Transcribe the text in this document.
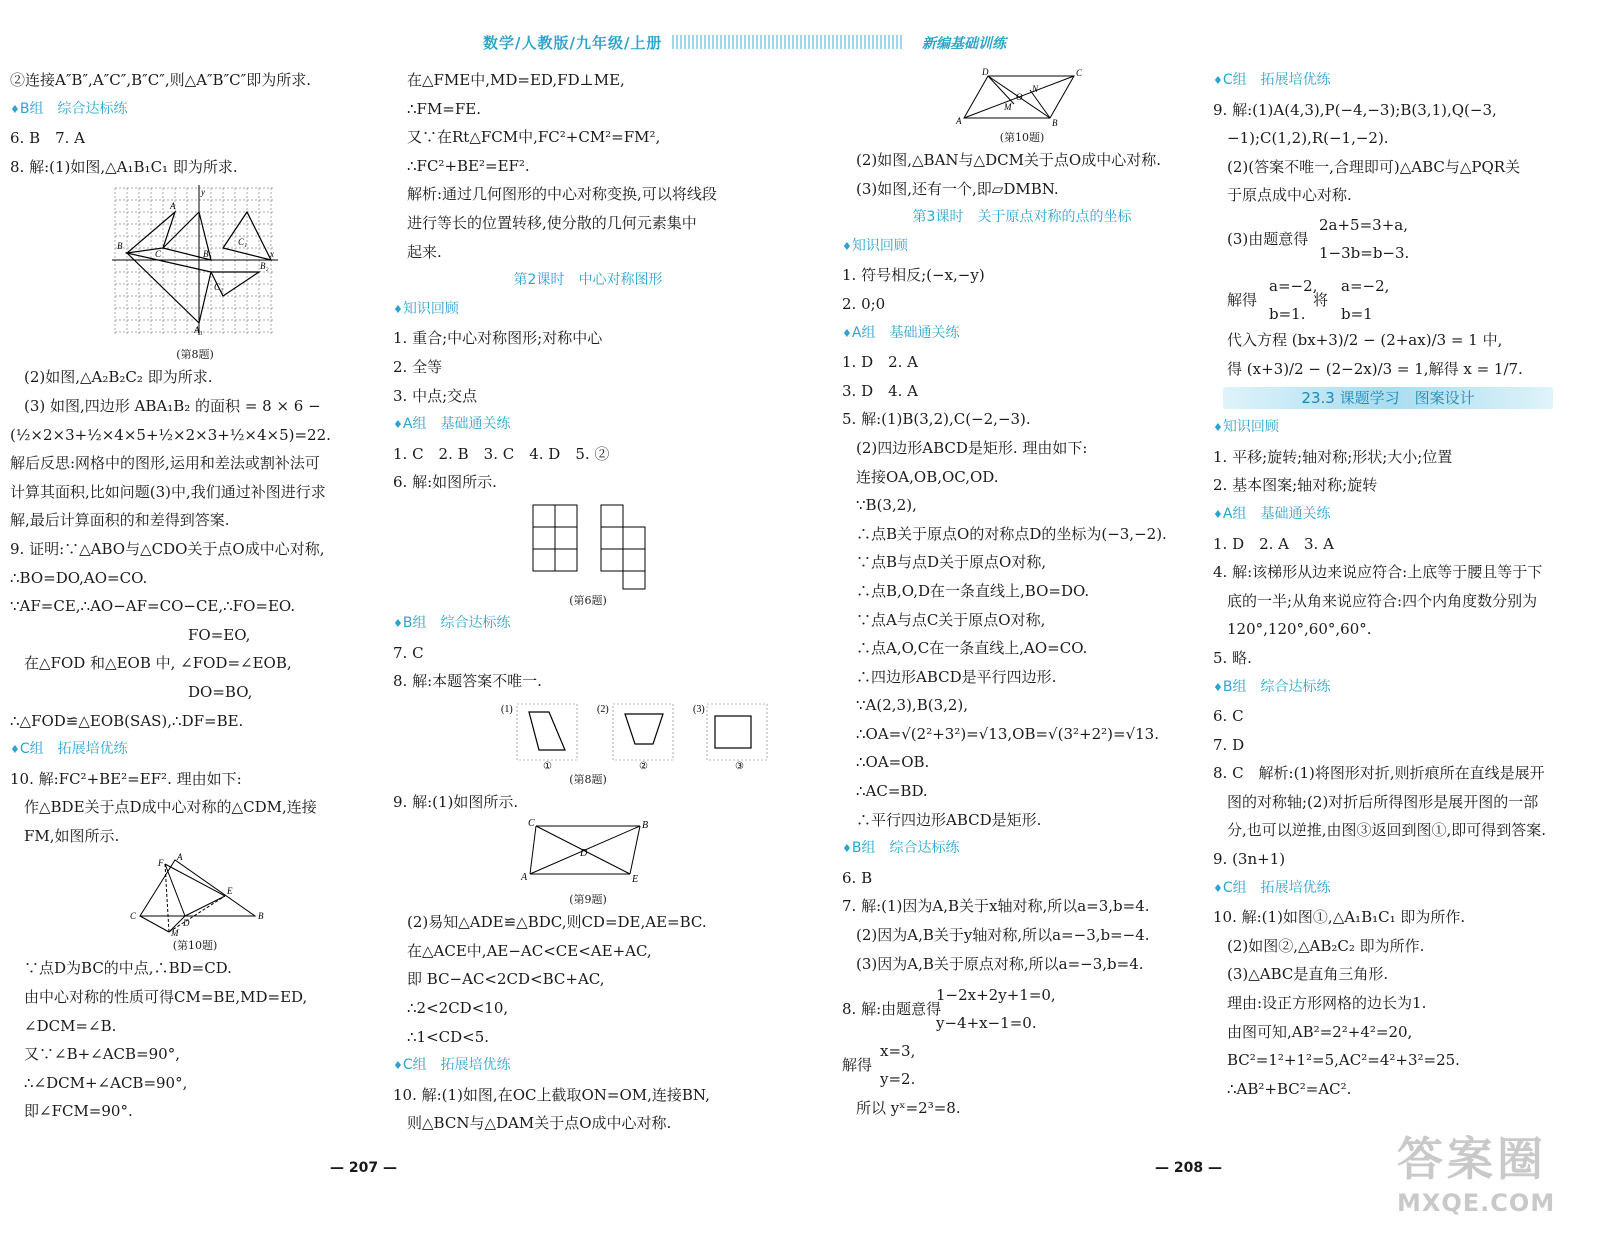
数学/人教版/九年级/上册	新编基础训练
②连接A″B″,A″C″,B″C″,则△A″B″C″即为所求.
♦ B组　综合达标练
6. B　7. A
8. 解:(1)如图,△A₁B₁C₁ 即为所求.
B
A
C	B₁
B₂
C₁
C₂
A₁
y
x
(第8题)
(2)如图,△A₂B₂C₂ 即为所求.
(3) 如图,四边形 ABA₁B₂ 的面积 = 8 × 6 −
(½×2×3+½×4×5+½×2×3+½×4×5)=22.
解后反思:网格中的图形,运用和差法或割补法可
计算其面积,比如问题(3)中,我们通过补图进行求
解,最后计算面积的和差得到答案.
9. 证明:∵△ABO与△CDO关于点O成中心对称,
∴BO=DO,AO=CO.
∵AF=CE,∴AO−AF=CO−CE,∴FO=EO.
FO=EO,
在△FOD 和△EOB 中, ∠FOD=∠EOB,
DO=BO,
∴△FOD≌△EOB(SAS),∴DF=BE.
♦ C组　拓展培优练
10. 解:FC²+BE²=EF². 理由如下:
作△BDE关于点D成中心对称的△CDM,连接
FM,如图所示.
A
F
E
B
C
D
M
(第10题)
∵点D为BC的中点,∴BD=CD.
由中心对称的性质可得CM=BE,MD=ED,
∠DCM=∠B.
又∵∠B+∠ACB=90°,
∴∠DCM+∠ACB=90°,
即∠FCM=90°.
在△FME中,MD=ED,FD⊥ME,
∴FM=FE.
又∵在Rt△FCM中,FC²+CM²=FM²,
∴FC²+BE²=EF².
解析:通过几何图形的中心对称变换,可以将线段
进行等长的位置转移,使分散的几何元素集中
起来.
第2课时　中心对称图形
♦ 知识回顾
1. 重合;中心对称图形;对称中心
2. 全等
3. 中点;交点
♦ A组　基础通关练
1. C　2. B　3. C　4. D　5. ②
6. 解:如图所示.
(第6题)
♦ B组　综合达标练
7. C
8. 解:本题答案不唯一.
(1)	(2)	(3)
①	②	③
(第8题)
9. 解:(1)如图所示.
C	B
A	E
D
(第9题)
(2)易知△ADE≌△BDC,则CD=DE,AE=BC.
在△ACE中,AE−AC<CE<AE+AC,
即 BC−AC<2CD<BC+AC,
∴2<2CD<10,
∴1<CD<5.
♦ C组　拓展培优练
10. 解:(1)如图,在OC上截取ON=OM,连接BN,
则△BCN与△DAM关于点O成中心对称.
D	C
A	B
O
M
N
(第10题)
(2)如图,△BAN与△DCM关于点O成中心对称.
(3)如图,还有一个,即▱DMBN.
第3课时　关于原点对称的点的坐标
♦ 知识回顾
1. 符号相反;(−x,−y)
2. 0;0
♦ A组　基础通关练
1. D　2. A
3. D　4. A
5. 解:(1)B(3,2),C(−2,−3).
(2)四边形ABCD是矩形. 理由如下:
连接OA,OB,OC,OD.
∵B(3,2),
∴点B关于原点O的对称点D的坐标为(−3,−2).
∵点B与点D关于原点O对称,
∴点B,O,D在一条直线上,BO=DO.
∵点A与点C关于原点O对称,
∴点A,O,C在一条直线上,AO=CO.
∴四边形ABCD是平行四边形.
∵A(2,3),B(3,2),
∴OA=√(2²+3²)=√13,OB=√(3²+2²)=√13.
∴OA=OB.
∴AC=BD.
∴平行四边形ABCD是矩形.
♦ B组　综合达标练
6. B
7. 解:(1)因为A,B关于x轴对称,所以a=3,b=4.
(2)因为A,B关于y轴对称,所以a=−3,b=−4.
(3)因为A,B关于原点对称,所以a=−3,b=4.
1−2x+2y+1=0,
8. 解:由题意得
y−4+x−1=0.
x=3,
解得
y=2.
所以 yˣ=2³=8.
♦ C组　拓展培优练
9. 解:(1)A(4,3),P(−4,−3);B(3,1),Q(−3,
−1);C(1,2),R(−1,−2).
(2)(答案不唯一,合理即可)△ABC与△PQR关
于原点成中心对称.
2a+5=3+a,
(3)由题意得
1−3b=b−3.
a=−2,
解得
b=1.
将
a=−2,
b=1
代入方程 (bx+3)/2 − (2+ax)/3 = 1 中,
得 (x+3)/2 − (2−2x)/3 = 1,解得 x = 1/7.
23.3 课题学习　图案设计
♦ 知识回顾
1. 平移;旋转;轴对称;形状;大小;位置
2. 基本图案;轴对称;旋转
♦ A组　基础通关练
1. D　2. A　3. A
4. 解:该梯形从边来说应符合:上底等于腰且等于下
底的一半;从角来说应符合:四个内角度数分别为
120°,120°,60°,60°.
5. 略.
♦ B组　综合达标练
6. C
7. D
8. C　解析:(1)将图形对折,则折痕所在直线是展开
图的对称轴;(2)对折后所得图形是展开图的一部
分,也可以逆推,由图③返回到图①,即可得到答案.
9. (3n+1)
♦ C组　拓展培优练
10. 解:(1)如图①,△A₁B₁C₁ 即为所作.
(2)如图②,△AB₂C₂ 即为所作.
(3)△ABC是直角三角形.
理由:设正方形网格的边长为1.
由图可知,AB²=2²+4²=20,
BC²=1²+1²=5,AC²=4²+3²=25.
∴AB²+BC²=AC².
— 207 —	— 208 —	答案圈
MXQE.COM
